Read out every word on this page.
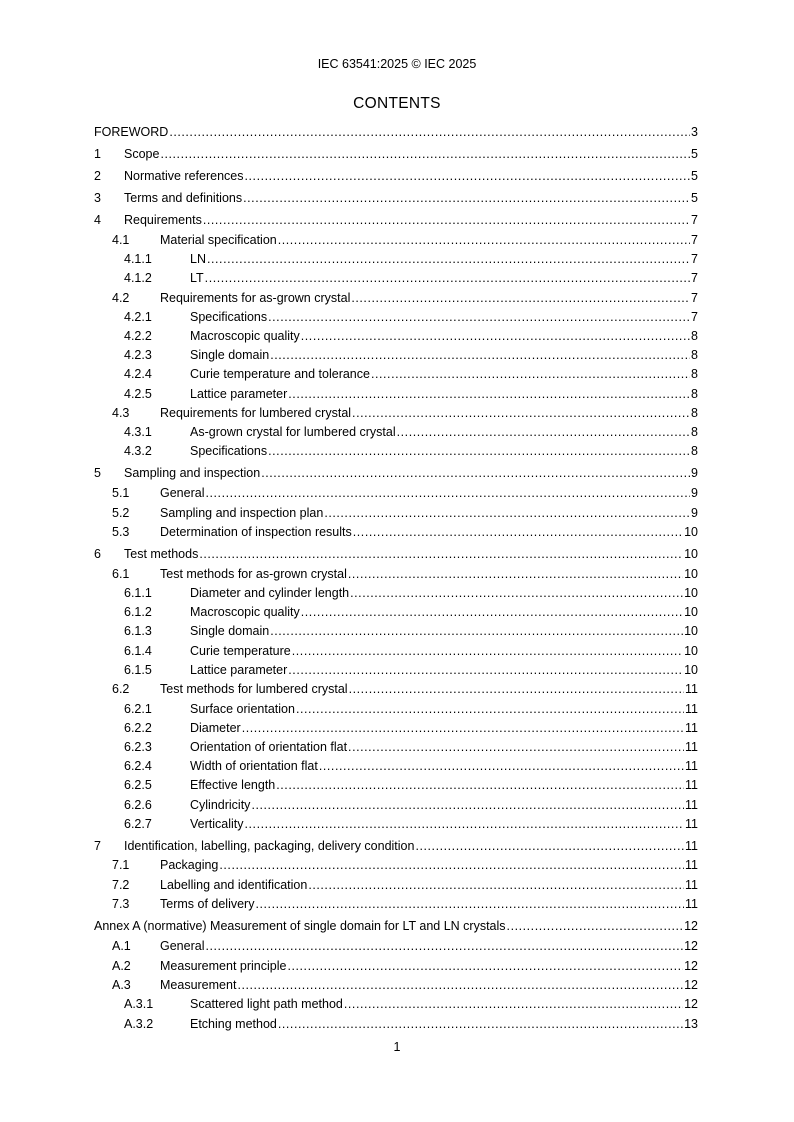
IEC 63541:2025 © IEC 2025
CONTENTS
FOREWORD .....	3
1	Scope .....	5
2	Normative references .....	5
3	Terms and definitions .....	5
4	Requirements .....	7
4.1	Material specification .....	7
4.1.1	LN .....	7
4.1.2	LT .....	7
4.2	Requirements for as-grown crystal .....	7
4.2.1	Specifications .....	7
4.2.2	Macroscopic quality .....	8
4.2.3	Single domain .....	8
4.2.4	Curie temperature and tolerance .....	8
4.2.5	Lattice parameter .....	8
4.3	Requirements for lumbered crystal .....	8
4.3.1	As-grown crystal for lumbered crystal .....	8
4.3.2	Specifications .....	8
5	Sampling and inspection .....	9
5.1	General .....	9
5.2	Sampling and inspection plan .....	9
5.3	Determination of inspection results .....	10
6	Test methods .....	10
6.1	Test methods for as-grown crystal .....	10
6.1.1	Diameter and cylinder length .....	10
6.1.2	Macroscopic quality .....	10
6.1.3	Single domain .....	10
6.1.4	Curie temperature .....	10
6.1.5	Lattice parameter .....	10
6.2	Test methods for lumbered crystal .....	11
6.2.1	Surface orientation .....	11
6.2.2	Diameter .....	11
6.2.3	Orientation of orientation flat .....	11
6.2.4	Width of orientation flat .....	11
6.2.5	Effective length .....	11
6.2.6	Cylindricity .....	11
6.2.7	Verticality .....	11
7	Identification, labelling, packaging, delivery condition .....	11
7.1	Packaging .....	11
7.2	Labelling and identification .....	11
7.3	Terms of delivery .....	11
Annex A (normative) Measurement of single domain for LT and LN crystals .....	12
A.1	General .....	12
A.2	Measurement principle .....	12
A.3	Measurement .....	12
A.3.1	Scattered light path method .....	12
A.3.2	Etching method .....	13
1
